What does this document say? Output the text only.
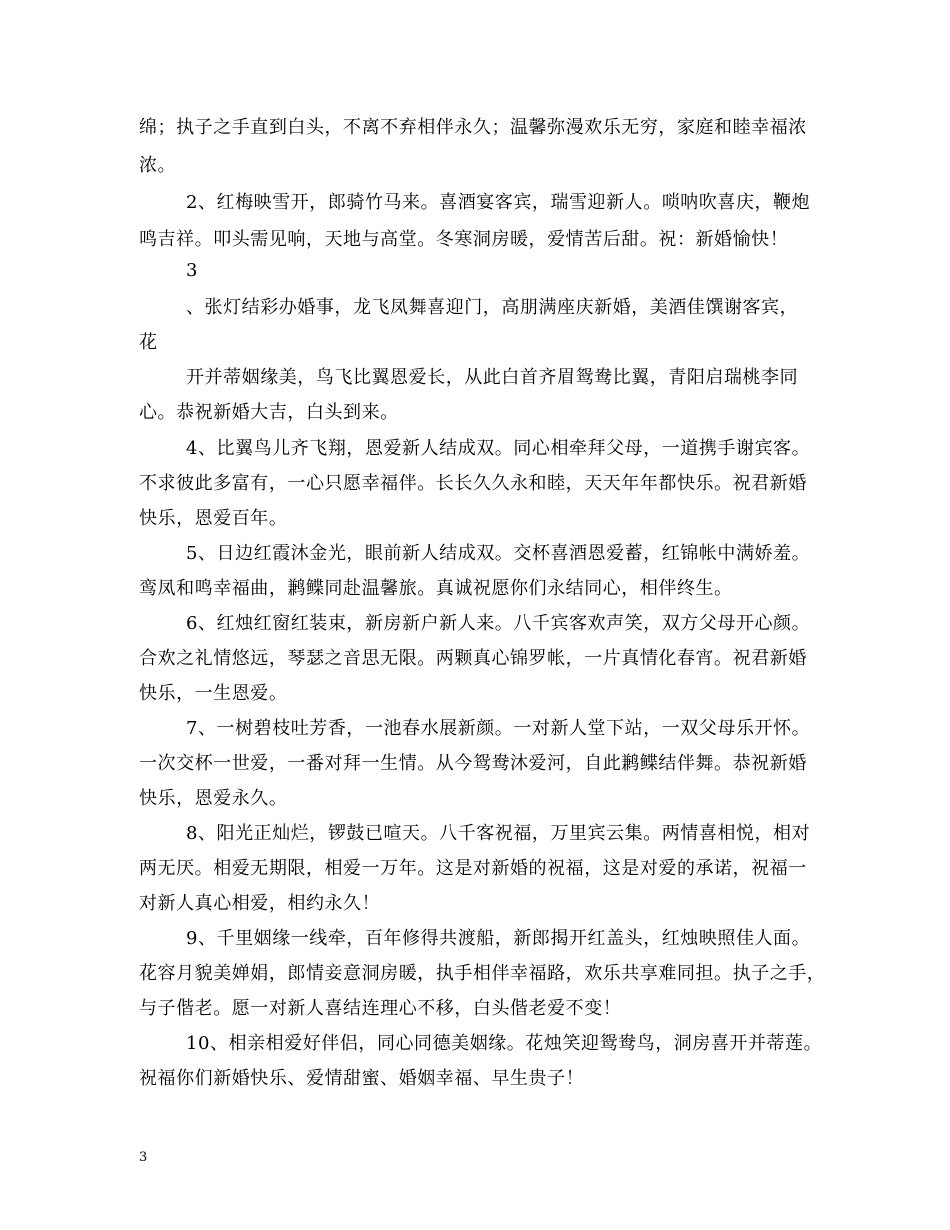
绵；执子之手直到白头，不离不弃相伴永久；温馨弥漫欢乐无穷，家庭和睦幸福浓
浓。
2、红梅映雪开，郎骑竹马来。喜酒宴客宾，瑞雪迎新人。唢呐吹喜庆，鞭炮
鸣吉祥。叩头需见响，天地与高堂。冬寒洞房暖，爱情苦后甜。祝：新婚愉快！
3
、张灯结彩办婚事，龙飞凤舞喜迎门，高朋满座庆新婚，美酒佳馔谢客宾，
花
开并蒂姻缘美，鸟飞比翼恩爱长，从此白首齐眉鸳鸯比翼，青阳启瑞桃李同
心。恭祝新婚大吉，白头到来。
4、比翼鸟儿齐飞翔，恩爱新人结成双。同心相牵拜父母，一道携手谢宾客。
不求彼此多富有，一心只愿幸福伴。长长久久永和睦，天天年年都快乐。祝君新婚
快乐，恩爱百年。
5、日边红霞沐金光，眼前新人结成双。交杯喜酒恩爱蓄，红锦帐中满娇羞。
鸾凤和鸣幸福曲，鹣鲽同赴温馨旅。真诚祝愿你们永结同心，相伴终生。
6、红烛红窗红装束，新房新户新人来。八千宾客欢声笑，双方父母开心颜。
合欢之礼情悠远，琴瑟之音思无限。两颗真心锦罗帐，一片真情化春宵。祝君新婚
快乐，一生恩爱。
7、一树碧枝吐芳香，一池春水展新颜。一对新人堂下站，一双父母乐开怀。
一次交杯一世爱，一番对拜一生情。从今鸳鸯沐爱河，自此鹣鲽结伴舞。恭祝新婚
快乐，恩爱永久。
8、阳光正灿烂，锣鼓已喧天。八千客祝福，万里宾云集。两情喜相悦，相对
两无厌。相爱无期限，相爱一万年。这是对新婚的祝福，这是对爱的承诺，祝福一
对新人真心相爱，相约永久！
9、千里姻缘一线牵，百年修得共渡船，新郎揭开红盖头，红烛映照佳人面。
花容月貌美婵娟，郎情妾意洞房暖，执手相伴幸福路，欢乐共享难同担。执子之手，
与子偕老。愿一对新人喜结连理心不移，白头偕老爱不变！
10、相亲相爱好伴侣，同心同德美姻缘。花烛笑迎鸳鸯鸟，洞房喜开并蒂莲。
祝福你们新婚快乐、爱情甜蜜、婚姻幸福、早生贵子！
3
